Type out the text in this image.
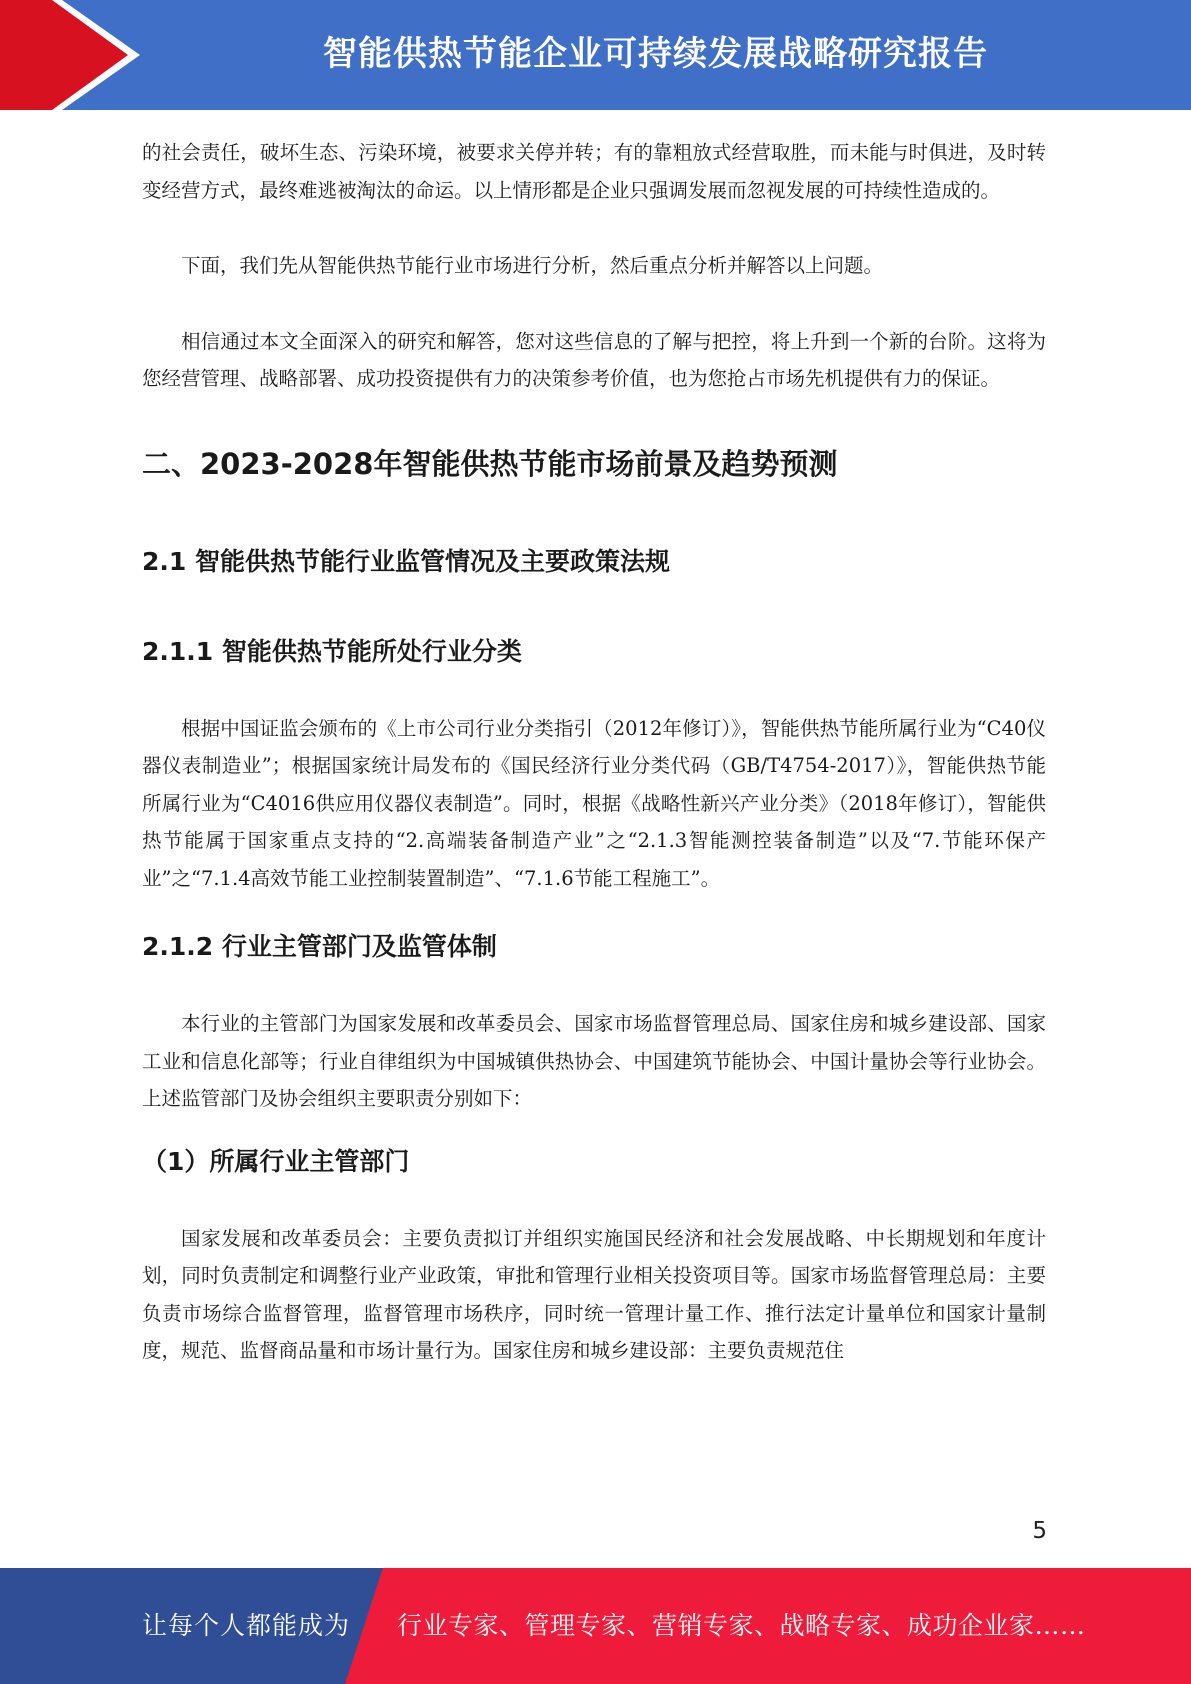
智能供热节能企业可持续发展战略研究报告

的社会责任，破坏生态、污染环境，被要求关停并转；有的靠粗放式经营取胜，而未能与时俱进，及时转变经营方式，最终难逃被淘汰的命运。以上情形都是企业只强调发展而忽视发展的可持续性造成的。

下面，我们先从智能供热节能行业市场进行分析，然后重点分析并解答以上问题。

相信通过本文全面深入的研究和解答，您对这些信息的了解与把控，将上升到一个新的台阶。这将为您经营管理、战略部署、成功投资提供有力的决策参考价值，也为您抢占市场先机提供有力的保证。

二、2023-2028年智能供热节能市场前景及趋势预测
2.1 智能供热节能行业监管情况及主要政策法规
2.1.1 智能供热节能所处行业分类

根据中国证监会颁布的《上市公司行业分类指引（2012年修订）》，智能供热节能所属行业为“C40仪器仪表制造业”；根据国家统计局发布的《国民经济行业分类代码（GB/T4754-2017）》，智能供热节能所属行业为“C4016供应用仪器仪表制造”。同时，根据《战略性新兴产业分类》（2018年修订），智能供热节能属于国家重点支持的“2.高端装备制造产业”之“2.1.3智能测控装备制造”以及“7.节能环保产业”之“7.1.4高效节能工业控制装置制造”、“7.1.6节能工程施工”。

2.1.2 行业主管部门及监管体制

本行业的主管部门为国家发展和改革委员会、国家市场监督管理总局、国家住房和城乡建设部、国家工业和信息化部等；行业自律组织为中国城镇供热协会、中国建筑节能协会、中国计量协会等行业协会。上述监管部门及协会组织主要职责分别如下：

（1）所属行业主管部门

国家发展和改革委员会：主要负责拟订并组织实施国民经济和社会发展战略、中长期规划和年度计划，同时负责制定和调整行业产业政策，审批和管理行业相关投资项目等。国家市场监督管理总局：主要负责市场综合监督管理，监督管理市场秩序，同时统一管理计量工作、推行法定计量单位和国家计量制度，规范、监督商品量和市场计量行为。国家住房和城乡建设部：主要负责规范住

5
让每个人都能成为 行业专家、管理专家、营销专家、战略专家、成功企业家……
